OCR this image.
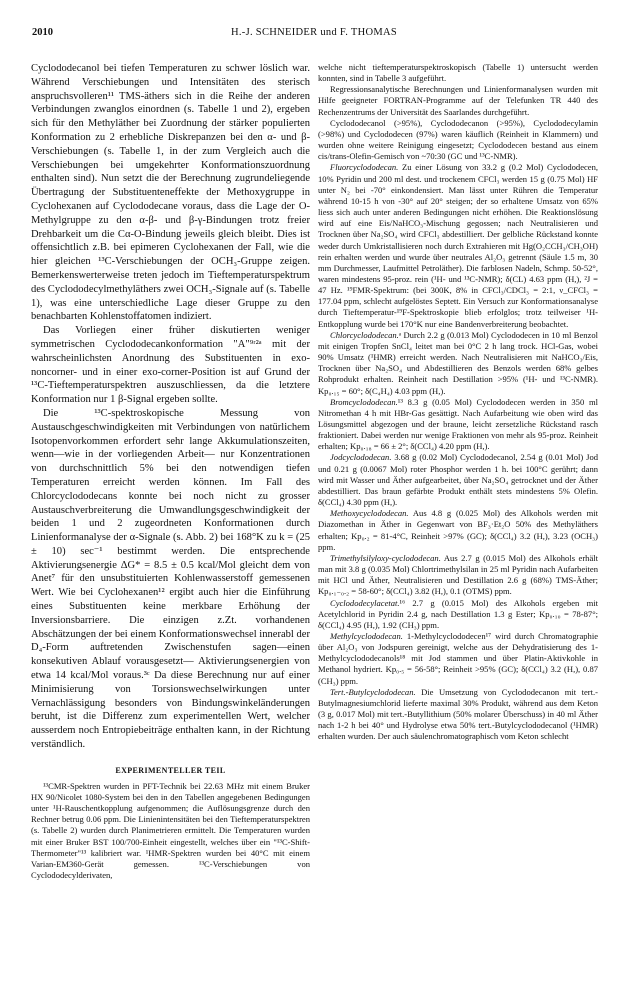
2010	H.-J. SCHNEIDER und F. THOMAS

Cyclododecanol bei tiefen Temperaturen zu schwer löslich war. Während Verschiebungen und Intensitäten des sterisch anspruchsvolleren¹¹ TMS-äthers sich in die Reihe der anderen Verbindungen zwanglos einordnen (s. Tabelle 1 und 2), ergeben sich für den Methyläther bei Zuordnung der stärker populierten Konformation zu 2 erhebliche Diskrepanzen bei den α- und β-Verschiebungen (s. Tabelle 1, in der zum Vergleich auch die Verschiebungen bei umgekehrter Konformationszuordnung enthalten sind). Nun setzt die der Berechnung zugrundeliegende Übertragung der Substituenteneffekte der Methoxygruppe in Cyclohexanen auf Cyclododecane voraus, dass die Lage der O-Methylgruppe zu den α-β- und β-γ-Bindungen trotz freier Drehbarkeit um die Cα-O-Bindung jeweils gleich bleibt. Dies ist offensichtlich z.B. bei epimeren Cyclohexanen der Fall, wie die hier gleichen ¹³C-Verschiebungen der OCH₃-Gruppe zeigen. Bemerkenswerterweise treten jedoch im Tieftemperaturspektrum des Cyclododecylmethyläthers zwei OCH₃-Signale auf (s. Tabelle 1), was eine unterschiedliche Lage dieser Gruppe zu den benachbarten Kohlenstoffatomen indiziert.

Das Vorliegen einer früher diskutierten weniger symmetrischen Cyclododecankonformation "A"⁹ʳ²ᵃ mit der wahrscheinlichsten Anordnung des Substituenten in exo-noncorner- und in einer exo-corner-Position ist auf Grund der ¹³C-Tieftemperaturspektren auszuschliessen, da die letztere Konformation nur 1 β-Signal ergeben sollte.

Die ¹³C-spektroskopische Messung von Austauschgeschwindigkeiten mit Verbindungen von natürlichem Isotopenvorkommen erfordert sehr lange Akkumulationszeiten, wenn—wie in der vorliegenden Arbeit— nur Konzentrationen von durchschnittlich 5% bei den notwendigen tiefen Temperaturen erreicht werden können. Im Fall des Chlorcyclododecans konnte bei noch nicht zu grosser Austauschverbreiterung die Umwandlungsgeschwindigkeit der beiden 1 und 2 zugeordneten Konformationen durch Linienformanalyse der α-Signale (s. Abb. 2) bei 168°K zu k = (25 ± 10) sec⁻¹ bestimmt werden. Die entsprechende Aktivierungsenergie ΔG* = 8.5 ± 0.5 kcal/Mol gleicht dem von Anet⁷ für den unsubstituierten Kohlenwasserstoff gemessenen Wert. Wie bei Cyclohexanen¹² ergibt auch hier die Einführung eines Substituenten keine merkbare Erhöhung der Inversionsbarriere. Die einzigen z.Zt. vorhandenen Abschätzungen der bei einem Konformationswechsel innerabl der D₄-Form auftretenden Zwischenstufen sagen—einen konsekutiven Ablauf vorausgesetzt— Aktivierungsenergien von etwa 14 kcal/Mol voraus.³ᶜ Da diese Berechnung nur auf einer Minimisierung von Torsionswechselwirkungen unter Vernachlässigung besonders von Bindungswinkeländerungen beruht, ist die Differenz zum experimentellen Wert, welcher ausserdem noch Entropiebeiträge enthalten kann, in der Richtung verständlich.

EXPERIMENTELLER TEIL

¹³CMR-Spektren wurden in PFT-Technik bei 22.63 MHz mit einem Bruker HX 90/Nicolet 1080-System bei den in den Tabellen angegebenen Bedingungen unter ¹H-Rauschentkopplung aufgenommen; die Auflösungsgrenze durch den Rechner betrug 0.06 ppm. Die Linienintensitäten bei den Tieftemperaturspektren (s. Tabelle 2) wurden durch Planimetrieren ermittelt. Die Temperaturen wurden mit einer Bruker BST 100/700-Einheit eingestellt, welches über ein "¹³C-Shift-Thermometer"¹³ kalibriert war. ¹HMR-Spektren wurden bei 40°C mit einem Varian-EM360-Gerät gemessen. ¹³C-Verschiebungen von Cyclododecylderivaten,

welche nicht tieftemperaturspektroskopisch (Tabelle 1) untersucht werden konnten, sind in Tabelle 3 aufgeführt.

Regressionsanalytische Berechnungen und Linienformanalysen wurden mit Hilfe geeigneter FORTRAN-Programme auf der Telefunken TR 440 des Rechenzentrums der Universität des Saarlandes durchgeführt.

Cyclododecanol (>95%), Cyclododecanon (>95%), Cyclododecylamin (>98%) und Cyclododecen (97%) waren käuflich (Reinheit in Klammern) und wurden ohne weitere Reinigung eingesetzt; Cyclododecen bestand aus einem cis/trans-Olefin-Gemisch von ~70:30 (GC und ¹³C-NMR).

Fluorcyclododecan. Zu einer Lösung von 33.2 g (0.2 Mol) Cyclododecen, 10% Pyridin und 200 ml dest. und trockenem CFCl₃ werden 15 g (0.75 Mol) HF unter N₂ bei -70° einkondensiert. Man lässt unter Rühren die Temperatur während 10-15 h von -30° auf 20° steigen; der so erhaltene Umsatz von 65% liess sich auch unter anderen Bedingungen nicht erhöhen. Die Reaktionslösung wird auf eine Eis/NaHCO₃-Mischung gegossen; nach Neutralisieren und Trocknen über Na₂SO₄ wird CFCl₃ abdestilliert. Der gelbliche Rückstand konnte weder durch Umkristallisieren noch durch Extrahieren mit Hg(O₂CCH₃/CH₃OH) rein erhalten werden und wurde über neutrales Al₂O₃ getrennt (Säule 1.5 m, 30 mm Durchmesser, Laufmittel Petroläther). Die farblosen Nadeln, Schmp. 50-52°, waren mindestens 95-proz. rein (¹H- und ¹³C-NMR); δ(CL) 4.63 ppm (H,), ²J = 47 Hz. ¹⁹FMR-Spektrum: (bei 300K, 8% in CFCl₃/CDCl₃ = 2:1, ν_CFCl₃ = 177.04 ppm, schlecht aufgelöstes Septett. Ein Versuch zur Konformationsanalyse durch Tieftemperatur-¹⁹F-Spektroskopie blieb erfolglos; trotz teilweiser ¹H-Entkopplung wurde bei 170°K nur eine Bandenverbreiterung beobachtet.

Chlorcyclododecan.ᵃ Durch 2.2 g (0.013 Mol) Cyclododecen in 10 ml Benzol mit einigen Tropfen SnCl₄ leitet man bei 0°C 2 h lang trock. HCl-Gas, wobei 90% Umsatz (¹HMR) erreicht werden. Nach Neutralisieren mit NaHCO₃/Eis, Trocknen über Na₂SO₄ und Abdestillieren des Benzols werden 68% gelbes Rohprodukt erhalten. Reinheit nach Destillation >95% (¹H- und ¹³C-NMR). Kp₀.₁₅ = 60°; δ(C₄H₄) 4.03 ppm (H,).

Bromcyclododecan.¹³ 8.3 g (0.05 Mol) Cyclododecen werden in 350 ml Nitromethan 4 h mit HBr-Gas gesättigt. Nach Aufarbeitung wie oben wird das Lösungsmittel abgezogen und der braune, leicht zersetzliche Rückstand rasch fraktioniert. Dabei werden nur wenige Fraktionen von mehr als 95-proz. Reinheit erhalten; Kp₀.₁₈ = 66 ± 2°; δ(CCl₄) 4.20 ppm (H,).

Jodcyclododecan. 3.68 g (0.02 Mol) Cyclododecanol, 2.54 g (0.01 Mol) Jod und 0.21 g (0.0067 Mol) roter Phosphor werden 1 h. bei 100°C gerührt; dann wird mit Wasser und Äther aufgearbeitet, über Na₂SO₄ getrocknet und der Äther abdestilliert. Das braun gefärbte Produkt enthält stets mindestens 5% Olefin. δ(CCl₄) 4.30 ppm (H,).

Methoxycyclododecan. Aus 4.8 g (0.025 Mol) des Alkohols werden mit Diazomethan in Äther in Gegenwart von BF₃·Et₂O 50% des Methyläthers erhalten; Kp₀.₂ = 81-4°C, Reinheit >97% (GC); δ(CCl₄) 3.2 (H,), 3.23 (OCH₃) ppm.

Trimethylsilyloxy-cyclododecan. Aus 2.7 g (0.015 Mol) des Alkohols erhält man mit 3.8 g (0.035 Mol) Chlortrimethylsilan in 25 ml Pyridin nach Aufarbeiten mit HCl und Äther, Neutralisieren und Destillation 2.6 g (68%) TMS-Äther; Kp₀.₁₋₀.₂ = 58-60°; δ(CCl₄) 3.82 (H,), 0.1 (OTMS) ppm.

Cyclododecylacetat.¹⁶ 2.7 g (0.015 Mol) des Alkohols ergeben mit Acetylchlorid in Pyridin 2.4 g, nach Destillation 1.3 g Ester; Kp₀.₁₀ = 78-87°; δ(CCl₄) 4.95 (H,), 1.92 (CH₃) ppm.

Methylcyclododecan. 1-Methylcyclododecen¹⁷ wird durch Chromatographie über Al₂O₃ von Jodspuren gereinigt, welche aus der Dehydratisierung des 1-Methylcyclododecanols¹⁸ mit Jod stammen und über Platin-Aktivkohle in Methanol hydriert. Kp₀.₅ = 56-58°; Reinheit >95% (GC); δ(CCl₄) 3.2 (H,), 0.87 (CH₃) ppm.

Tert.-Butylcyclododecan. Die Umsetzung von Cyclododecanon mit tert.-Butylmagnesiumchlorid lieferte maximal 30% Produkt, während aus dem Keton (3 g, 0.017 Mol) mit tert.-Butyllithium (50% molarer Überschuss) in 40 ml Äther nach 1-2 h bei 40° und Hydrolyse etwa 50% tert.-Butylcyclododecanol (¹HMR) erhalten wurden. Der auch säulenchromatographisch vom Keton schlecht
